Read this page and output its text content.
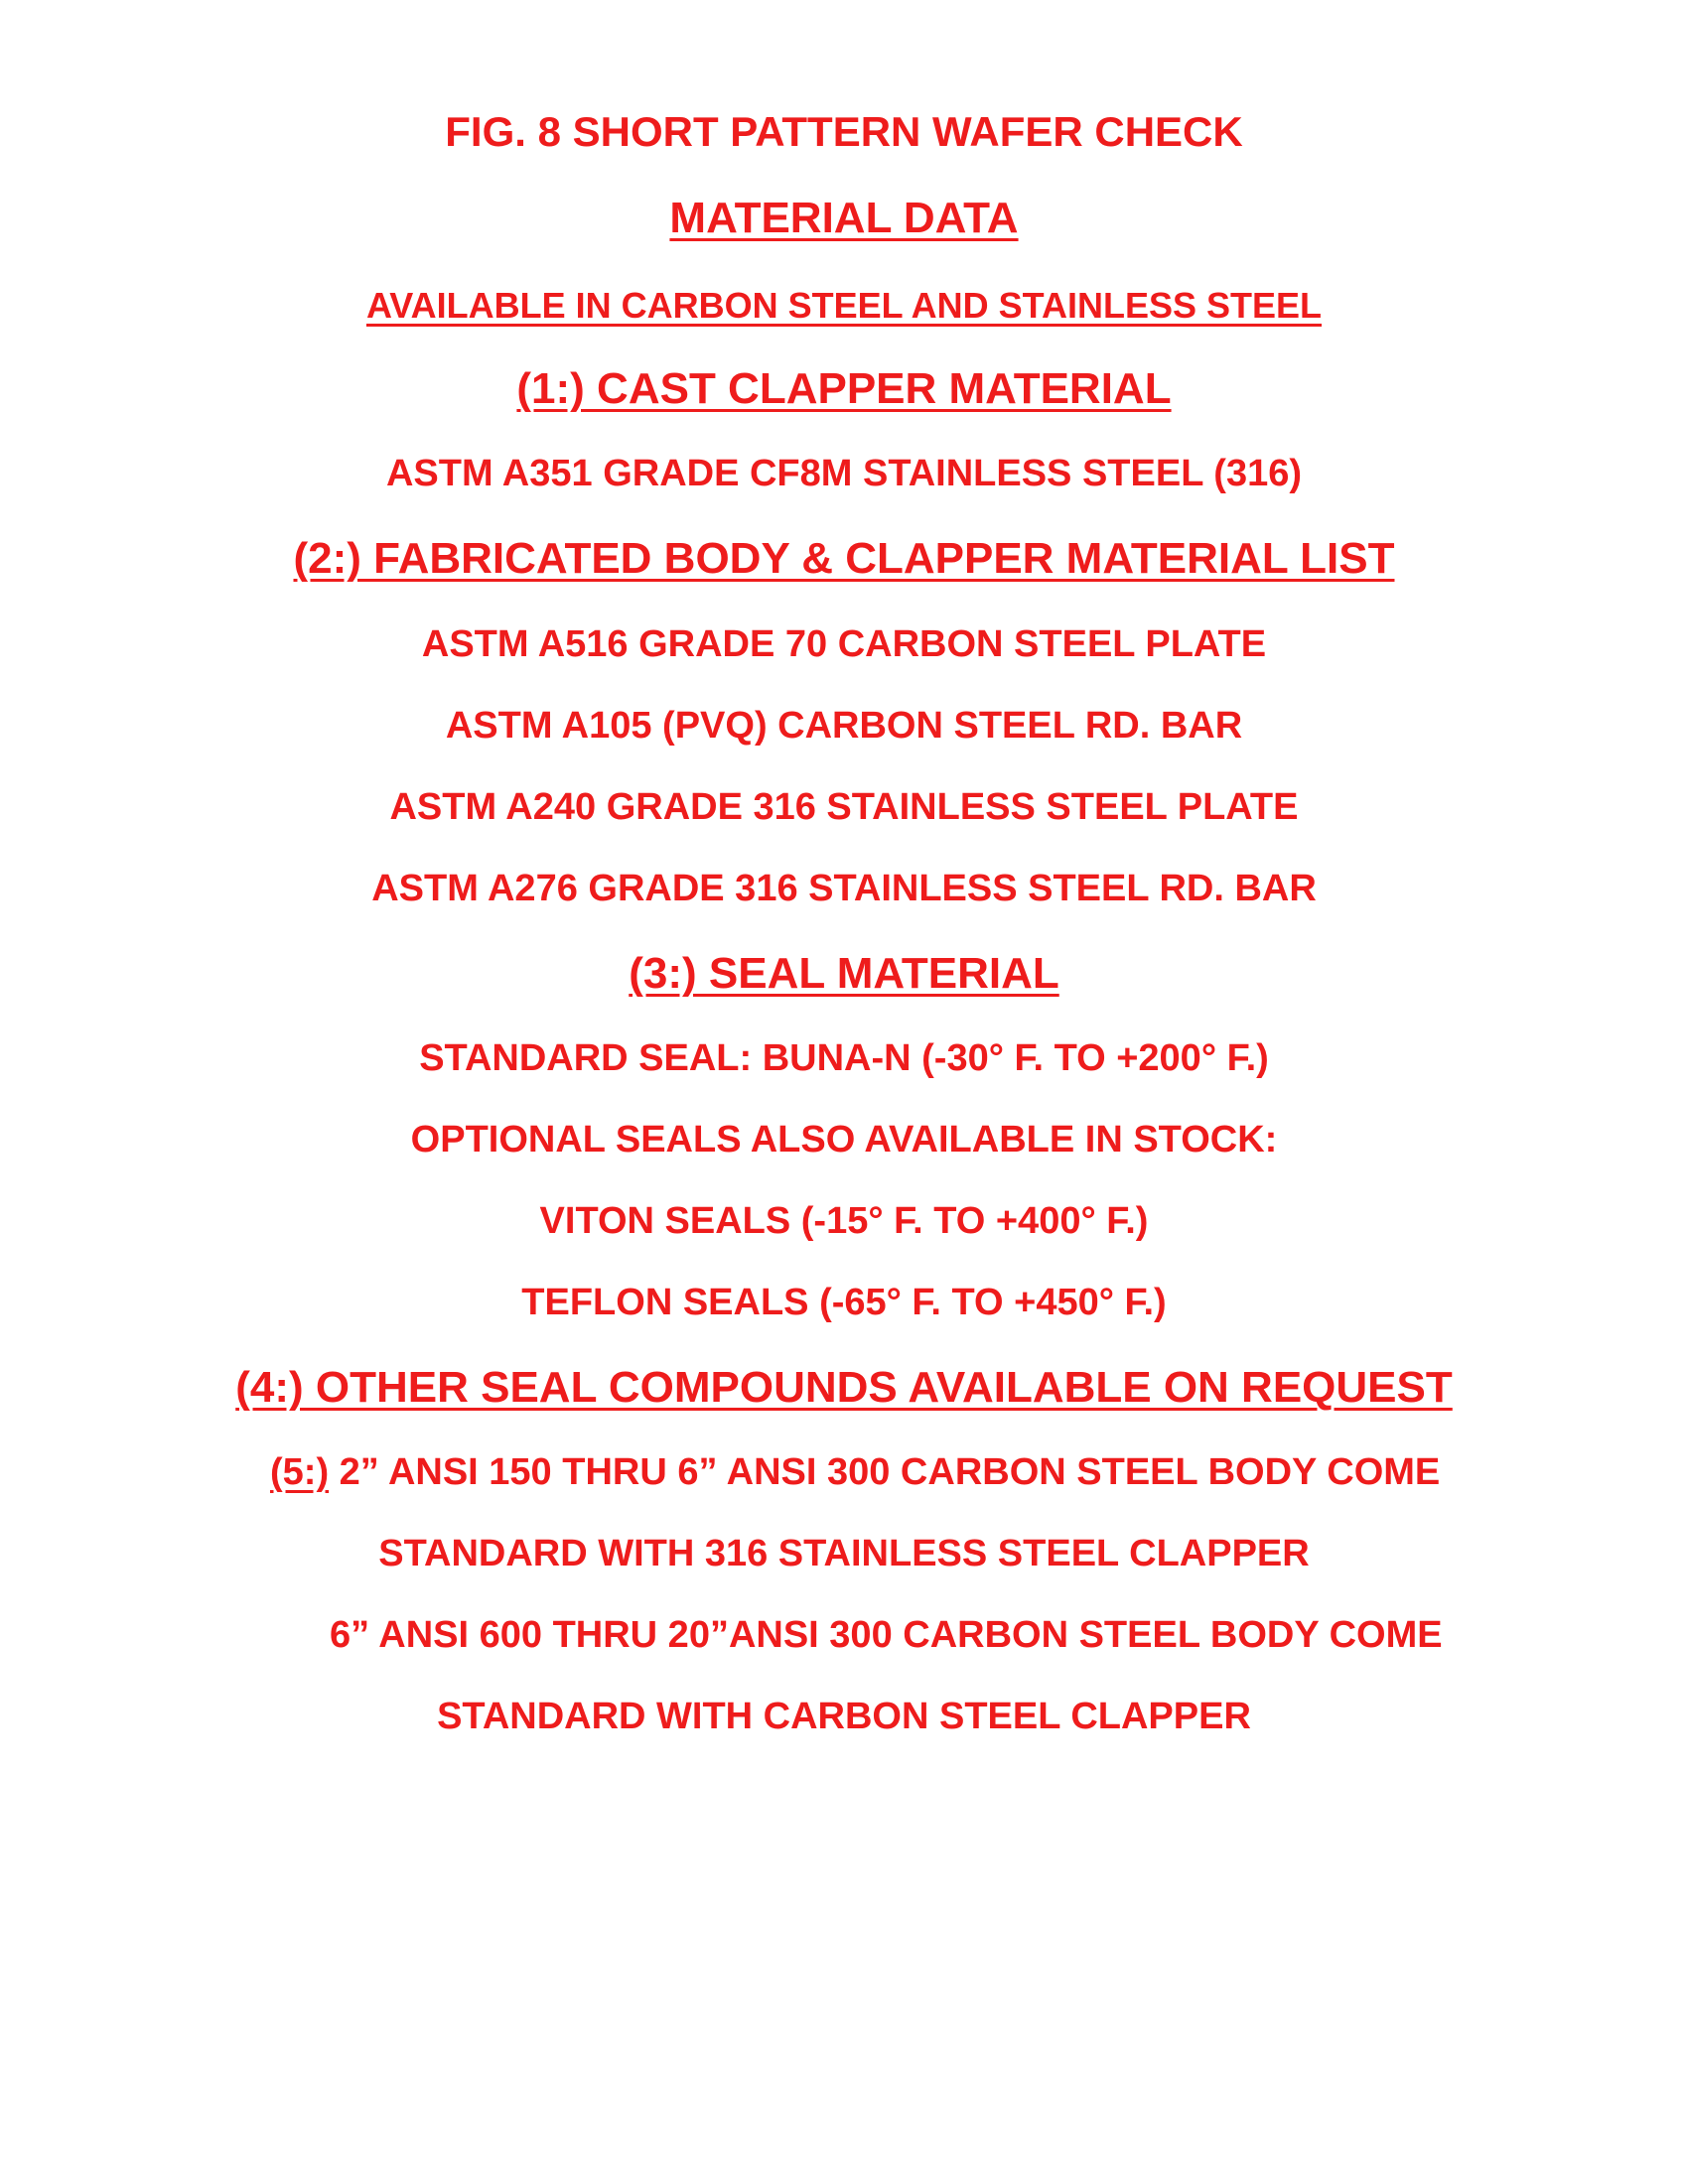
FIG. 8 SHORT PATTERN WAFER CHECK
MATERIAL DATA
AVAILABLE IN CARBON STEEL AND STAINLESS STEEL
(1:) CAST CLAPPER MATERIAL
ASTM A351 GRADE CF8M STAINLESS STEEL (316)
(2:) FABRICATED BODY & CLAPPER MATERIAL LIST
ASTM A516 GRADE 70 CARBON STEEL PLATE
ASTM A105 (PVQ) CARBON STEEL RD. BAR
ASTM A240 GRADE 316 STAINLESS STEEL PLATE
ASTM A276 GRADE 316 STAINLESS STEEL RD. BAR
(3:) SEAL MATERIAL
STANDARD SEAL: BUNA-N (-30° F. TO +200° F.)
OPTIONAL SEALS ALSO AVAILABLE IN STOCK:
VITON SEALS (-15° F. TO +400° F.)
TEFLON SEALS (-65° F. TO +450° F.)
(4:) OTHER SEAL COMPOUNDS AVAILABLE ON REQUEST
(5:) 2” ANSI 150 THRU 6” ANSI 300 CARBON STEEL BODY COME
STANDARD WITH 316 STAINLESS STEEL CLAPPER
6” ANSI 600 THRU 20”ANSI 300 CARBON STEEL BODY COME
STANDARD WITH CARBON STEEL CLAPPER
